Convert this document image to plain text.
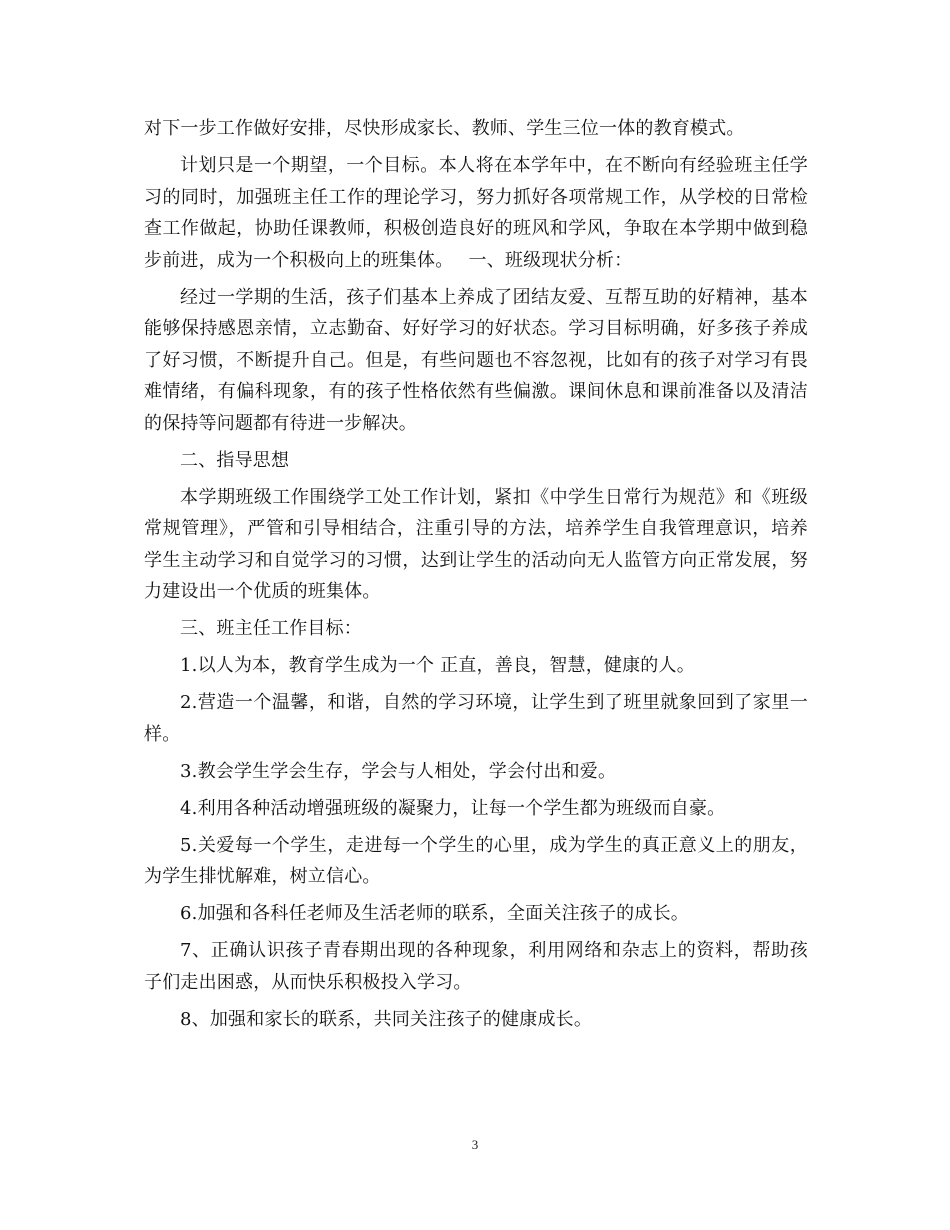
对下一步工作做好安排，尽快形成家长、教师、学生三位一体的教育模式。

计划只是一个期望，一个目标。本人将在本学年中，在不断向有经验班主任学习的同时，加强班主任工作的理论学习，努力抓好各项常规工作，从学校的日常检查工作做起，协助任课教师，积极创造良好的班风和学风，争取在本学期中做到稳步前进，成为一个积极向上的班集体。　 一、班级现状分析：

经过一学期的生活，孩子们基本上养成了团结友爱、互帮互助的好精神，基本能够保持感恩亲情，立志勤奋、好好学习的好状态。学习目标明确，好多孩子养成了好习惯，不断提升自己。但是，有些问题也不容忽视，比如有的孩子对学习有畏难情绪，有偏科现象，有的孩子性格依然有些偏激。课间休息和课前准备以及清洁的保持等问题都有待进一步解决。

二、指导思想

本学期班级工作围绕学工处工作计划，紧扣《中学生日常行为规范》和《班级常规管理》，严管和引导相结合，注重引导的方法，培养学生自我管理意识，培养学生主动学习和自觉学习的习惯，达到让学生的活动向无人监管方向正常发展，努力建设出一个优质的班集体。

三、班主任工作目标：

1.以人为本，教育学生成为一个 正直，善良，智慧，健康的人。

2.营造一个温馨，和谐，自然的学习环境，让学生到了班里就象回到了家里一样。

3.教会学生学会生存，学会与人相处，学会付出和爱。

4.利用各种活动增强班级的凝聚力，让每一个学生都为班级而自豪。

5.关爱每一个学生，走进每一个学生的心里，成为学生的真正意义上的朋友，为学生排忧解难，树立信心。

6.加强和各科任老师及生活老师的联系，全面关注孩子的成长。

7、正确认识孩子青春期出现的各种现象，利用网络和杂志上的资料，帮助孩子们走出困惑，从而快乐积极投入学习。

8、加强和家长的联系，共同关注孩子的健康成长。

3
